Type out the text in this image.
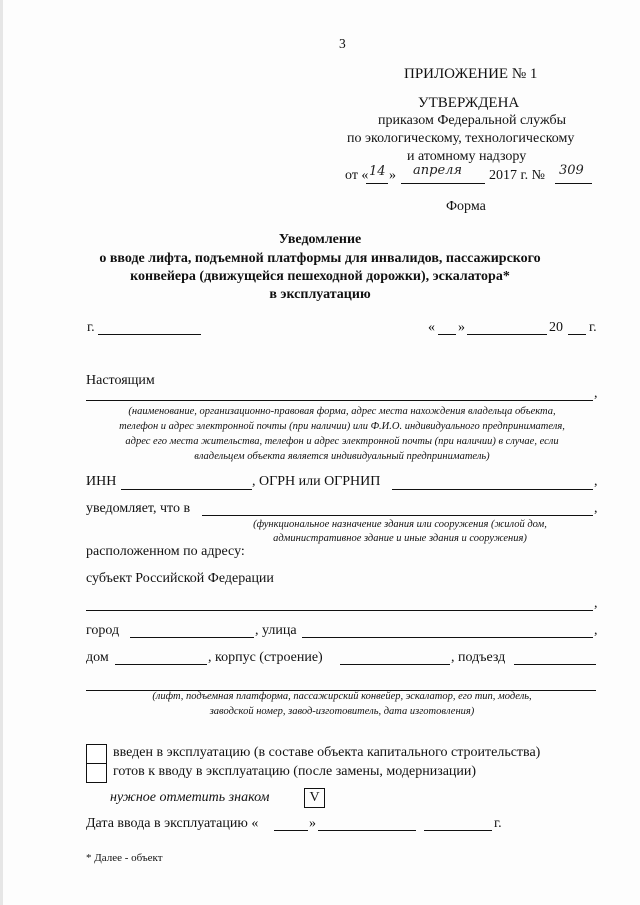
3
ПРИЛОЖЕНИЕ № 1
УТВЕРЖДЕНА
приказом Федеральной службы
по экологическому, технологическому
и атомному надзору
от « 14 » апреля 2017 г. № 309
Форма
Уведомление
о вводе лифта, подъемной платформы для инвалидов, пассажирского
конвейера (движущейся пешеходной дорожки), эскалатора*
в эксплуатацию
г.	« »	20 г.
Настоящим
,
(наименование, организационно-правовая форма, адрес места нахождения владельца объекта,
телефон и адрес электронной почты (при наличии) или Ф.И.О. индивидуального предпринимателя,
адрес его места жительства, телефон и адрес электронной почты (при наличии) в случае, если
владельцем объекта является индивидуальный предприниматель)
ИНН	, ОГРН или ОГРНИП	,
уведомляет, что в	,
(функциональное назначение здания или сооружения (жилой дом,
административное здание и иные здания и сооружения)
расположенном по адресу:
субъект Российской Федерации
,
город	, улица	,
дом	, корпус (строение)	, подъезд
(лифт, подъемная платформа, пассажирский конвейер, эскалатор, его тип, модель,
заводской номер, завод-изготовитель, дата изготовления)
введен в эксплуатацию (в составе объекта капитального строительства)
готов к вводу в эксплуатацию (после замены, модернизации)
нужное отметить знаком	V
Дата ввода в эксплуатацию «	»	г.
* Далее - объект
